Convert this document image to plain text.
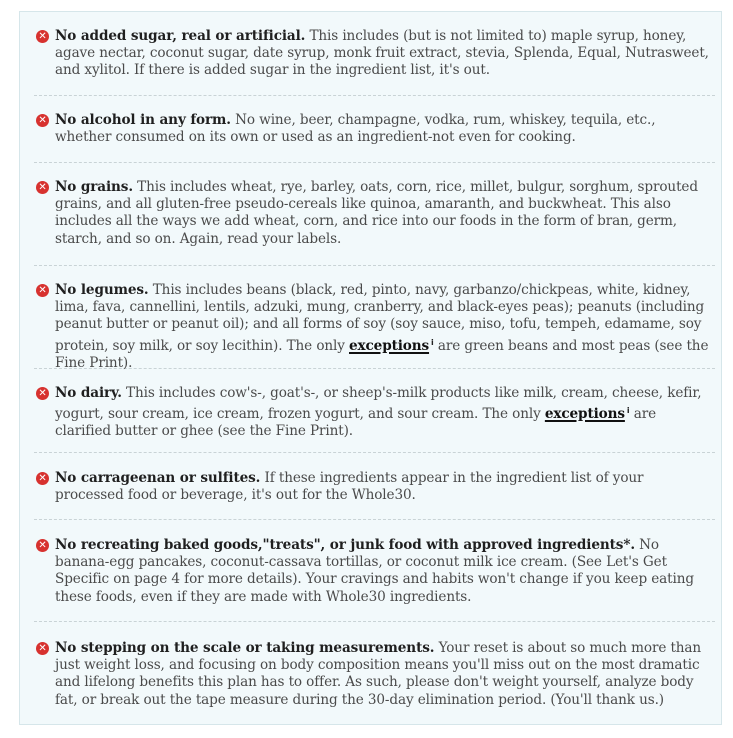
✕ No added sugar, real or artificial. This includes (but is not limited to) maple syrup, honey, agave nectar, coconut sugar, date syrup, monk fruit extract, stevia, Splenda, Equal, Nutrasweet, and xylitol. If there is added sugar in the ingredient list, it's out.
✕ No alcohol in any form. No wine, beer, champagne, vodka, rum, whiskey, tequila, etc., whether consumed on its own or used as an ingredient-not even for cooking.
✕ No grains. This includes wheat, rye, barley, oats, corn, rice, millet, bulgur, sorghum, sprouted grains, and all gluten-free pseudo-cereals like quinoa, amaranth, and buckwheat. This also includes all the ways we add wheat, corn, and rice into our foods in the form of bran, germ, starch, and so on. Again, read your labels.
✕ No legumes. This includes beans (black, red, pinto, navy, garbanzo/chickpeas, white, kidney, lima, fava, cannellini, lentils, adzuki, mung, cranberry, and black-eyes peas); peanuts (including peanut butter or peanut oil); and all forms of soy (soy sauce, miso, tofu, tempeh, edamame, soy protein, soy milk, or soy lecithin). The only exceptions $^i$ are green beans and most peas (see the Fine Print).
✕ No dairy. This includes cow's-, goat's-, or sheep's-milk products like milk, cream, cheese, kefir, yogurt, sour cream, ice cream, frozen yogurt, and sour cream. The only exceptions $^i$ are clarified butter or ghee (see the Fine Print).
✕ No carrageenan or sulfites. If these ingredients appear in the ingredient list of your processed food or beverage, it's out for the Whole30.
✕ No recreating baked goods,"treats", or junk food with approved ingredients*. No banana-egg pancakes, coconut-cassava tortillas, or coconut milk ice cream. (See Let's Get Specific on page 4 for more details). Your cravings and habits won't change if you keep eating these foods, even if they are made with Whole30 ingredients.
✕ No stepping on the scale or taking measurements. Your reset is about so much more than just weight loss, and focusing on body composition means you'll miss out on the most dramatic and lifelong benefits this plan has to offer. As such, please don't weight yourself, analyze body fat, or break out the tape measure during the 30-day elimination period. (You'll thank us.)
